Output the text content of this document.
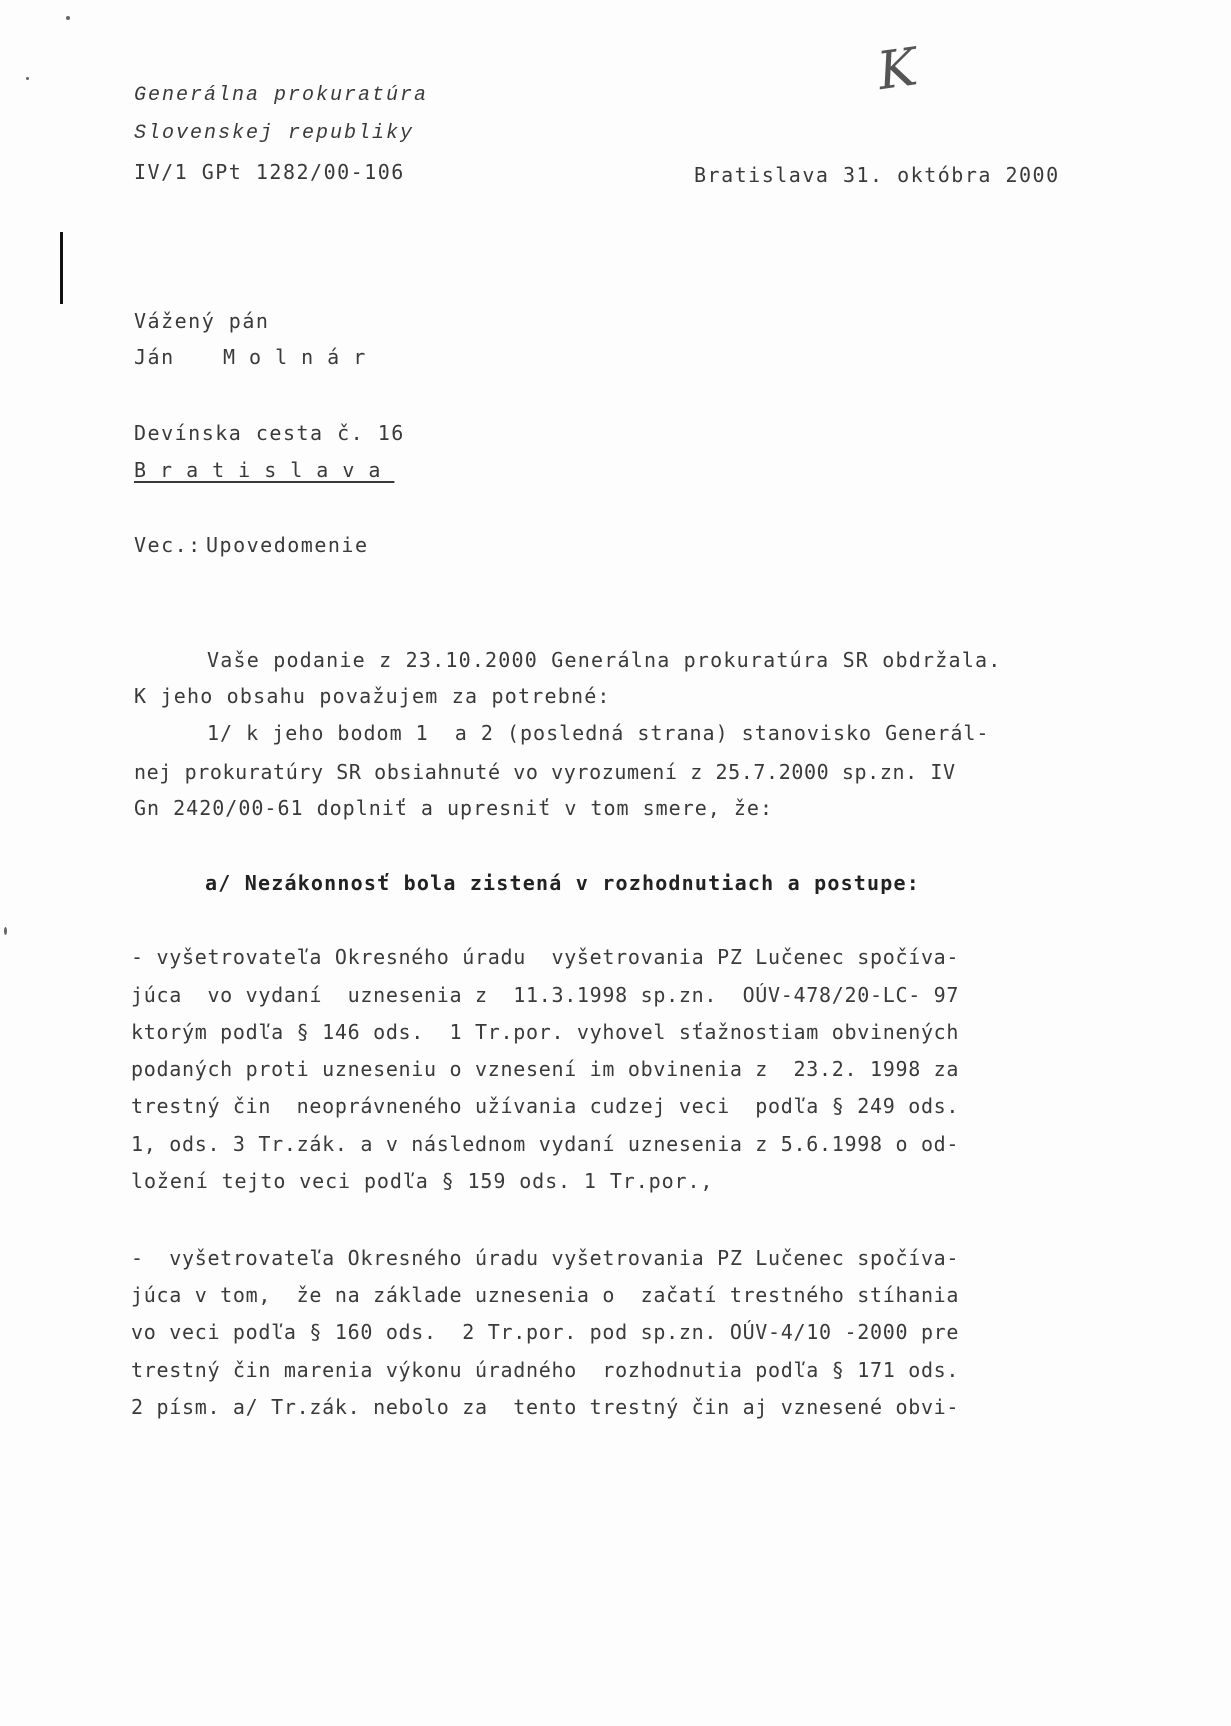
K
Generálna prokuratúra
Slovenskej republiky
IV/1 GPt 1282/00-106	Bratislava 31. októbra 2000
Vážený pán
Ján Molnár
Devínska cesta č. 16
Bratislava
Vec.: Upovedomenie
Vaše podanie z 23.10.2000 Generálna prokuratúra SR obdržala.
K jeho obsahu považujem za potrebné:
1/ k jeho bodom 1  a 2 (posledná strana) stanovisko Generál-
nej prokuratúry SR obsiahnuté vo vyrozumení z 25.7.2000 sp.zn. IV
Gn 2420/00-61 doplniť a upresniť v tom smere, že:
a/ Nezákonnosť bola zistená v rozhodnutiach a postupe:
- vyšetrovateľa Okresného úradu  vyšetrovania PZ Lučenec spočíva-
júca  vo vydaní  uznesenia z  11.3.1998 sp.zn.  OÚV-478/20-LC- 97
ktorým podľa § 146 ods.  1 Tr.por. vyhovel sťažnostiam obvinených
podaných proti uzneseniu o vznesení im obvinenia z  23.2. 1998 za
trestný čin  neoprávneného užívania cudzej veci  podľa § 249 ods.
1, ods. 3 Tr.zák. a v následnom vydaní uznesenia z 5.6.1998 o od-
ložení tejto veci podľa § 159 ods. 1 Tr.por.,
-  vyšetrovateľa Okresného úradu vyšetrovania PZ Lučenec spočíva-
júca v tom,  že na základe uznesenia o  začatí trestného stíhania
vo veci podľa § 160 ods.  2 Tr.por. pod sp.zn. OÚV-4/10 -2000 pre
trestný čin marenia výkonu úradného  rozhodnutia podľa § 171 ods.
2 písm. a/ Tr.zák. nebolo za  tento trestný čin aj vznesené obvi-
